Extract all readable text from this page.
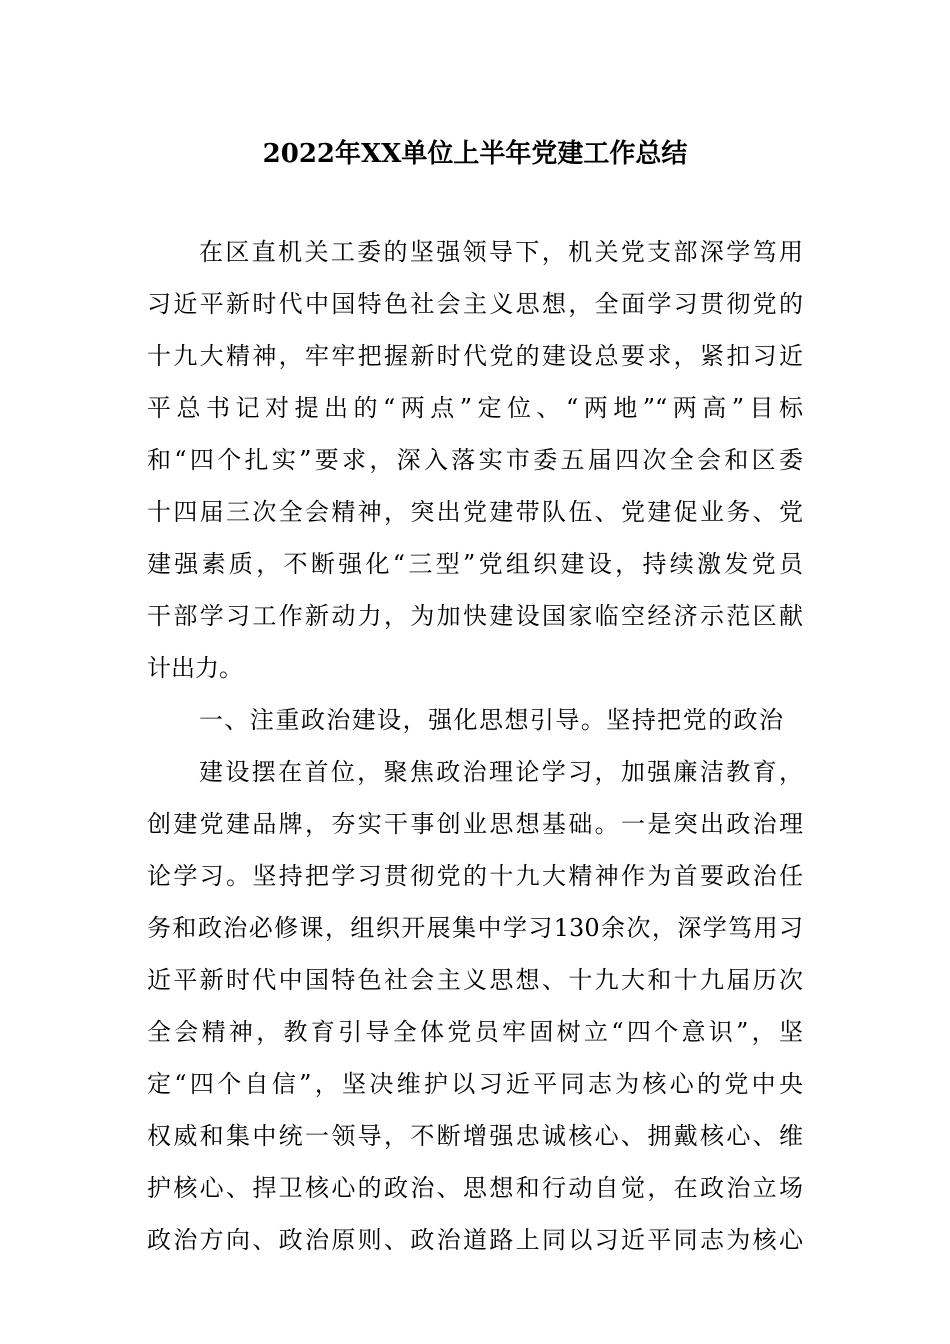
2022年XX单位上半年党建工作总结
在区直机关工委的坚强领导下，机关党支部深学笃用
习近平新时代中国特色社会主义思想，全面学习贯彻党的
十九大精神，牢牢把握新时代党的建设总要求，紧扣习近
平总书记对提出的“两点”定位、“两地”“两高”目标
和“四个扎实”要求，深入落实市委五届四次全会和区委
十四届三次全会精神，突出党建带队伍、党建促业务、党
建强素质，不断强化“三型”党组织建设，持续激发党员
干部学习工作新动力，为加快建设国家临空经济示范区献
计出力。
一、注重政治建设，强化思想引导。坚持把党的政治
建设摆在首位，聚焦政治理论学习，加强廉洁教育，
创建党建品牌，夯实干事创业思想基础。一是突出政治理
论学习。坚持把学习贯彻党的十九大精神作为首要政治任
务和政治必修课，组织开展集中学习130余次，深学笃用习
近平新时代中国特色社会主义思想、十九大和十九届历次
全会精神，教育引导全体党员牢固树立“四个意识”，坚
定“四个自信”，坚决维护以习近平同志为核心的党中央
权威和集中统一领导，不断增强忠诚核心、拥戴核心、维
护核心、捍卫核心的政治、思想和行动自觉，在政治立场
政治方向、政治原则、政治道路上同以习近平同志为核心
